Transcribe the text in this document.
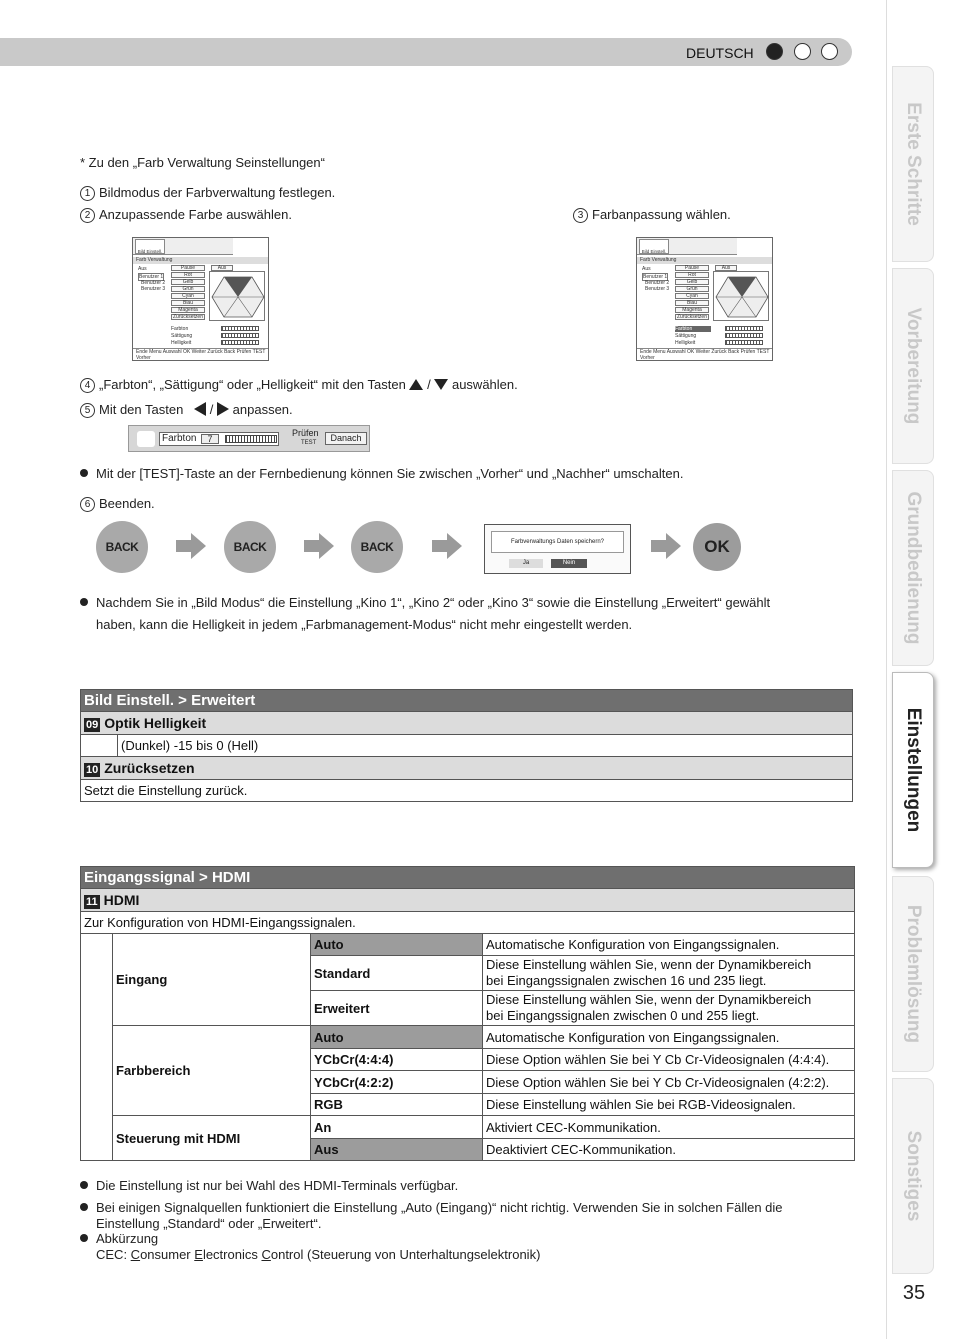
DEUTSCH
Erste Schritte
Vorbereitung
Grundbedienung
Einstellungen
Problemlösung
Sonstiges
35
* Zu den „Farb Verwaltung Seinstellungen“
1 Bildmodus der Farbverwaltung festlegen.
2 Anzupassende Farbe auswählen.	3 Farbanpassung wählen.
Bild Einstell.
Farb Verwaltung
Aus
Benutzer 1
Benutzer 2
Benutzer 3
Pause	Aus
Rot
Gelb
Grün
Cyan
Blau
Magenta
Zurücksetzen
Farbton
Sättigung
Helligkeit
Ende Menu Auswahl OK Weiter Zurück Back Prüfen TEST Vorher
Bild Einstell.
Farb Verwaltung
Aus
Benutzer 1
Benutzer 2
Benutzer 3
Pause	Aus
Rot
Gelb
Grün
Cyan
Blau
Magenta
Zurücksetzen
Farbton
Sättigung
Helligkeit
Ende Menu Auswahl OK Weiter Zurück Back Prüfen TEST Vorher
4 „Farbton“, „Sättigung“ oder „Helligkeit“ mit den Tasten / auswählen.
5 Mit den Tasten / anpassen.
Farbton	7
Prüfen
TEST	Danach
Mit der [TEST]-Taste an der Fernbedienung können Sie zwischen „Vorher“ und „Nachher“ umschalten.
6 Beenden.
BACK	BACK	BACK	Farbverwaltungs Daten speichern?
Ja	Nein
OK
Nachdem Sie in „Bild Modus“ die Einstellung „Kino 1“, „Kino 2“ oder „Kino 3“ sowie die Einstellung „Erweitert“ gewählt
haben, kann die Helligkeit in jedem „Farbmanagement-Modus“ nicht mehr eingestellt werden.
Bild Einstell. > Erweitert
09 Optik Helligkeit
	(Dunkel) -15 bis 0 (Hell)
10 Zurücksetzen
Setzt die Einstellung zurück.
Eingangssignal > HDMI			
11 HDMI			
Zur Konfiguration von HDMI-Eingangssignalen.			
	Eingang	Auto	Automatische Konfiguration von Eingangssignalen.
		Standard	Diese Einstellung wählen Sie, wenn der Dynamikbereich
bei Eingangssignalen zwischen 16 und 235 liegt.
		Erweitert	Diese Einstellung wählen Sie, wenn der Dynamikbereich
bei Eingangssignalen zwischen 0 und 255 liegt.
	Farbbereich	Auto	Automatische Konfiguration von Eingangssignalen.
		YCbCr(4:4:4)	Diese Option wählen Sie bei Y Cb Cr-Videosignalen (4:4:4).
		YCbCr(4:2:2)	Diese Option wählen Sie bei Y Cb Cr-Videosignalen (4:2:2).
		RGB	Diese Einstellung wählen Sie bei RGB-Videosignalen.
	Steuerung mit HDMI	An	Aktiviert CEC-Kommunikation.
		Aus	Deaktiviert CEC-Kommunikation.
Die Einstellung ist nur bei Wahl des HDMI-Terminals verfügbar.
Bei einigen Signalquellen funktioniert die Einstellung „Auto (Eingang)“ nicht richtig. Verwenden Sie in solchen Fällen die
Einstellung „Standard“ oder „Erweitert“.
Abkürzung
CEC: Consumer Electronics Control (Steuerung von Unterhaltungselektronik)
